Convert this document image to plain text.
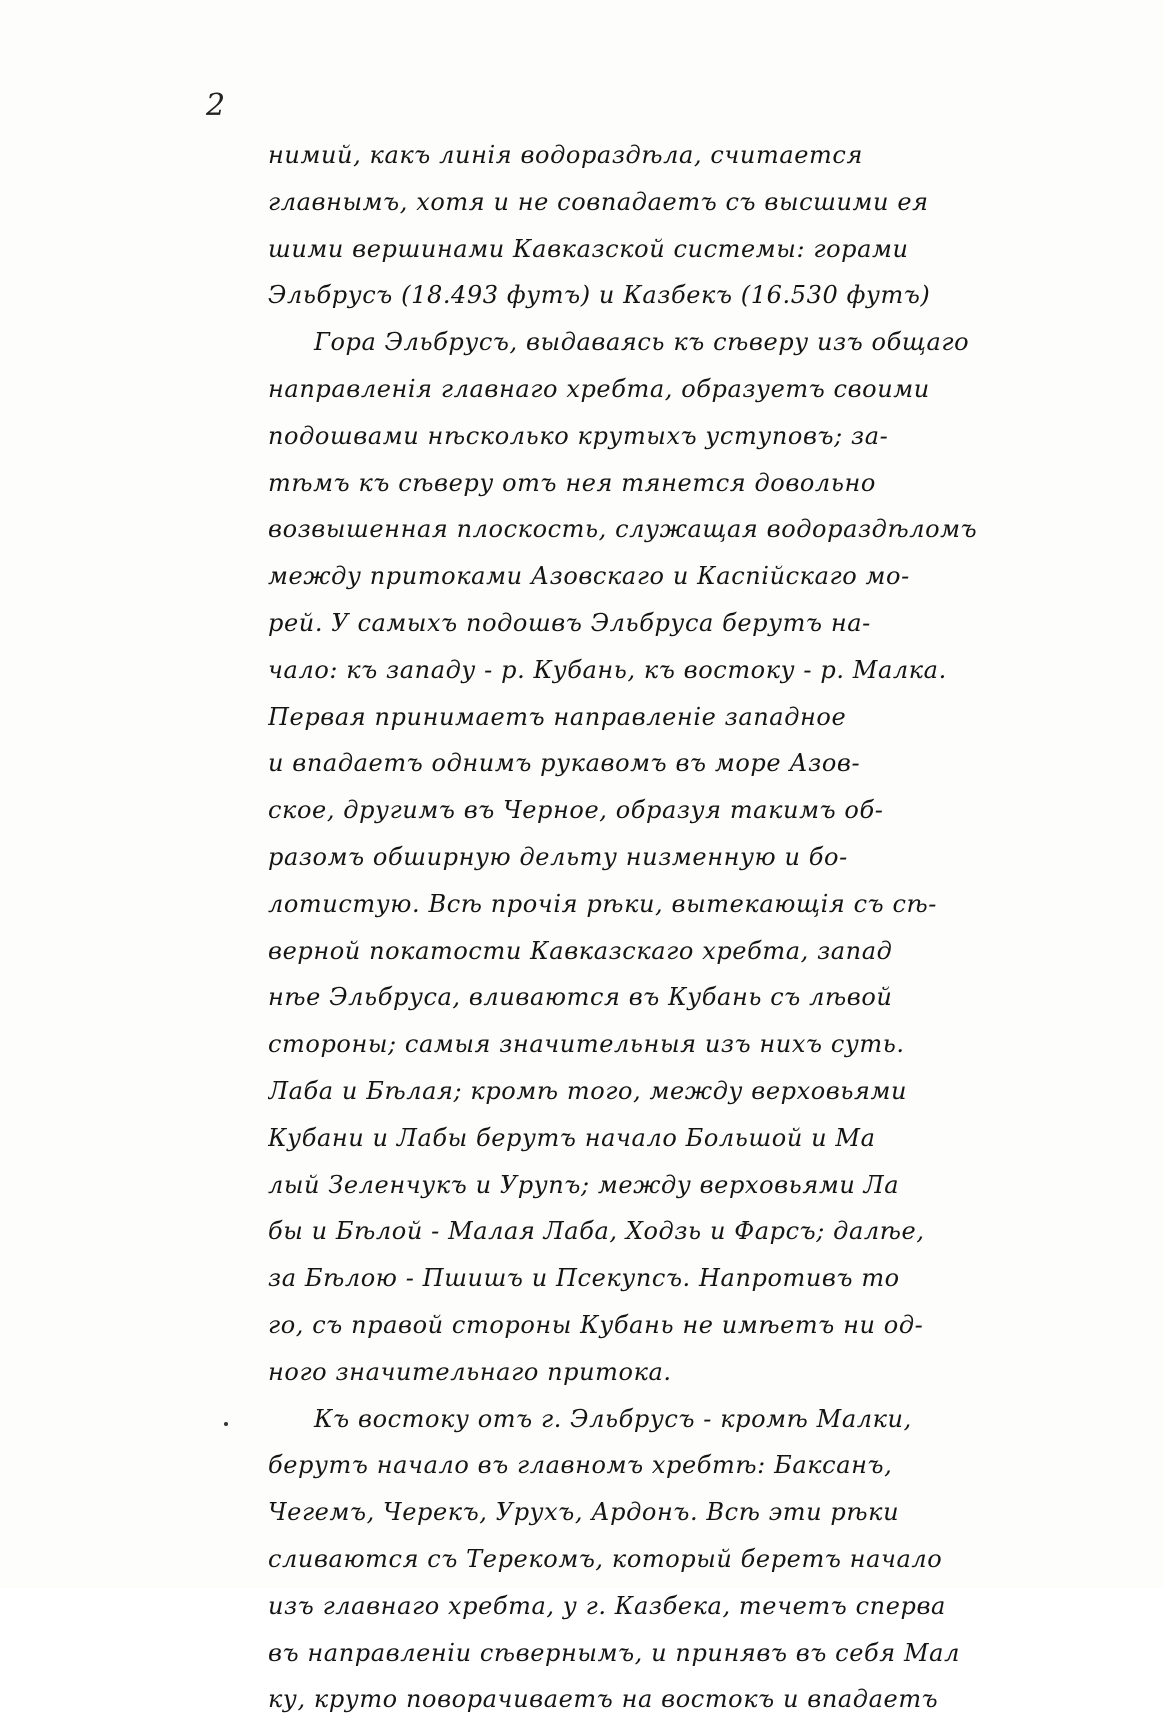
2
нимий, какъ линія водораздѣла, считается
главнымъ, хотя и не совпадаетъ съ высшими ея
шими вершинами Кавказской системы: горами
Эльбрусъ (18.493 футъ) и Казбекъ (16.530 футъ)
Гора Эльбрусъ, выдаваясь къ сѣверу изъ общаго
направленія главнаго хребта, образуетъ своими
подошвами нѣсколько крутыхъ уступовъ; за-
тѣмъ къ сѣверу отъ нея тянется довольно
возвышенная плоскость, служащая водораздѣломъ
между притоками Азовскаго и Каспійскаго мо-
рей. У самыхъ подошвъ Эльбруса берутъ на-
чало: къ западу - р. Кубань, къ востоку - р. Малка.
Первая принимаетъ направленіе западное
и впадаетъ однимъ рукавомъ въ море Азов-
ское, другимъ въ Черное, образуя такимъ об-
разомъ обширную дельту низменную и бо-
лотистую. Всѣ прочія рѣки, вытекающія съ сѣ-
верной покатости Кавказскаго хребта, запад
нѣе Эльбруса, вливаются въ Кубань съ лѣвой
стороны; самыя значительныя изъ нихъ суть.
Лаба и Бѣлая; кромѣ того, между верховьями
Кубани и Лабы берутъ начало Большой и Ма
лый Зеленчукъ и Урупъ; между верховьями Ла
бы и Бѣлой - Малая Лаба, Ходзь и Фарсъ; далѣе,
за Бѣлою - Пшишъ и Псекупсъ. Напротивъ то
го, съ правой стороны Кубань не имѣетъ ни од-
ного значительнаго притока.
Къ востоку отъ г. Эльбрусъ - кромѣ Малки,
берутъ начало въ главномъ хребтѣ: Баксанъ,
Чегемъ, Черекъ, Урухъ, Ардонъ. Всѣ эти рѣки
сливаются съ Терекомъ, который беретъ начало
изъ главнаго хребта, у г. Казбека, течетъ сперва
въ направленіи сѣвернымъ, и принявъ въ себя Мал
ку, круто поворачиваетъ на востокъ и впадаетъ
